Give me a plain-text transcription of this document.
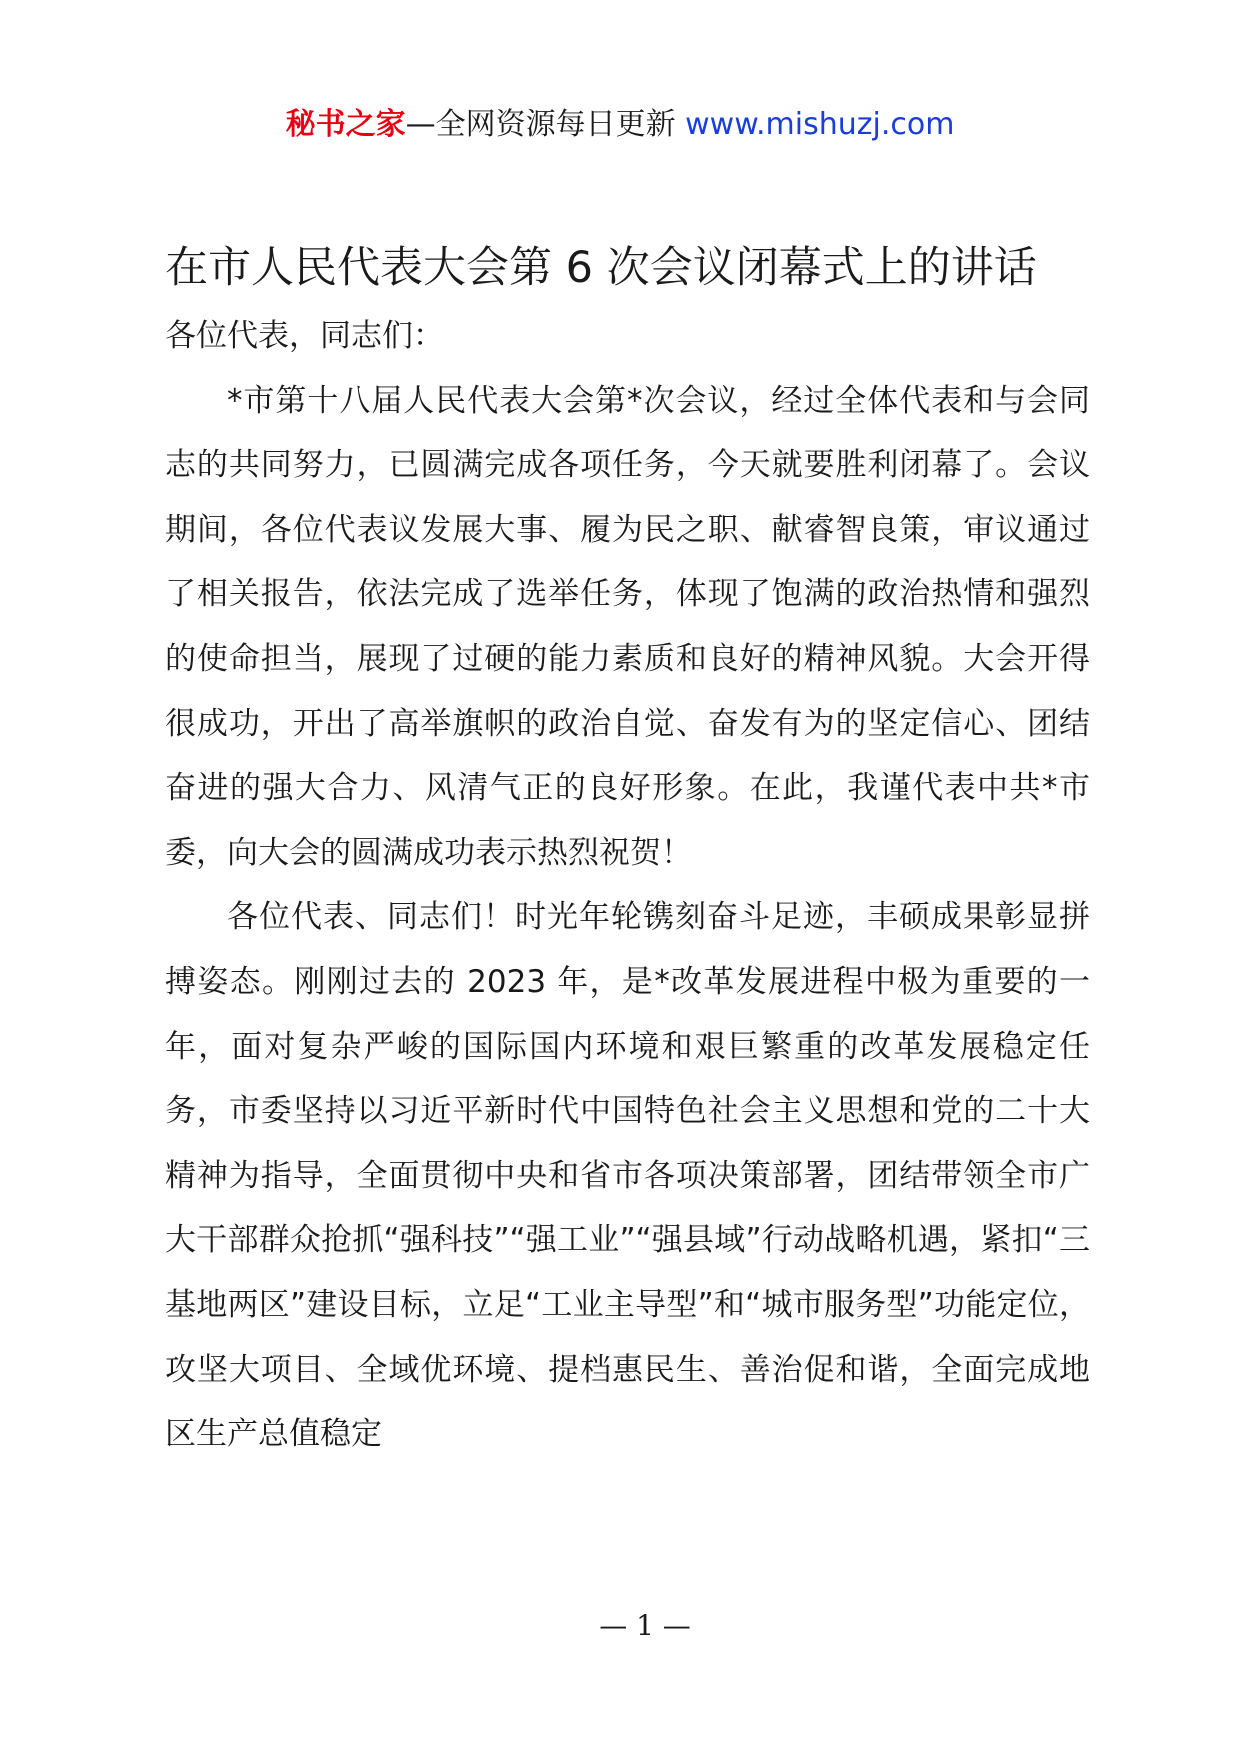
秘书之家—全网资源每日更新 www.mishuzj.com
在市人民代表大会第 6 次会议闭幕式上的讲话

各位代表，同志们：

*市第十八届人民代表大会第*次会议，经过全体代表和与会同志的共同努力，已圆满完成各项任务，今天就要胜利闭幕了。会议期间，各位代表议发展大事、履为民之职、献睿智良策，审议通过了相关报告，依法完成了选举任务，体现了饱满的政治热情和强烈的使命担当，展现了过硬的能力素质和良好的精神风貌。大会开得很成功，开出了高举旗帜的政治自觉、奋发有为的坚定信心、团结奋进的强大合力、风清气正的良好形象。在此，我谨代表中共*市委，向大会的圆满成功表示热烈祝贺！

各位代表、同志们！时光年轮镌刻奋斗足迹，丰硕成果彰显拼搏姿态。刚刚过去的 2023 年，是*改革发展进程中极为重要的一年，面对复杂严峻的国际国内环境和艰巨繁重的改革发展稳定任务，市委坚持以习近平新时代中国特色社会主义思想和党的二十大精神为指导，全面贯彻中央和省市各项决策部署，团结带领全市广大干部群众抢抓“强科技”“强工业”“强县域”行动战略机遇，紧扣“三基地两区”建设目标，立足“工业主导型”和“城市服务型”功能定位，攻坚大项目、全域优环境、提档惠民生、善治促和谐，全面完成地区生产总值稳定

— 1 —
